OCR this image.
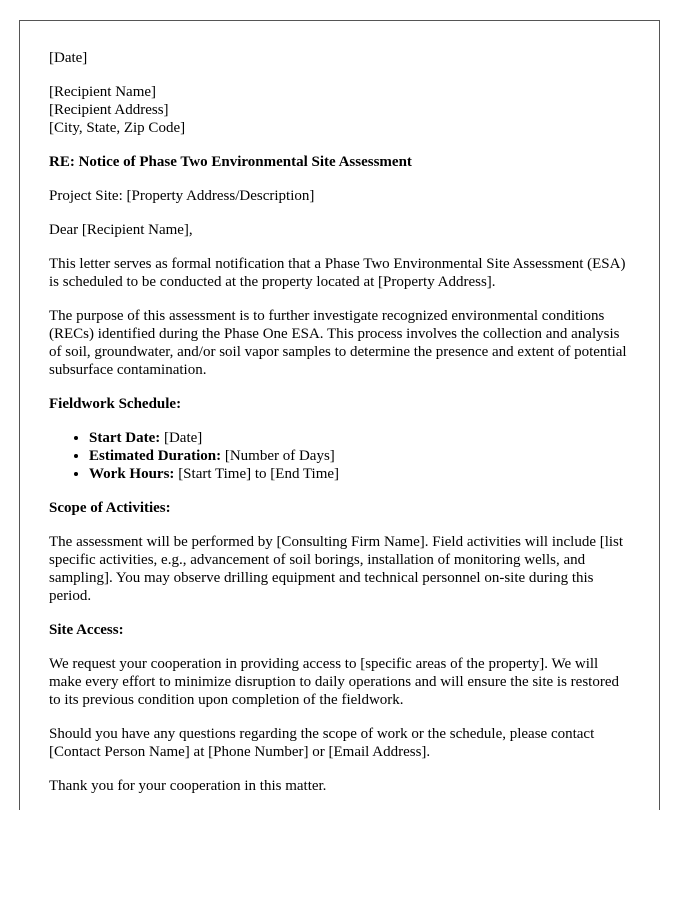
[Date]

[Recipient Name]
[Recipient Address]
[City, State, Zip Code]

RE: Notice of Phase Two Environmental Site Assessment

Project Site: [Property Address/Description]

Dear [Recipient Name],

This letter serves as formal notification that a Phase Two Environmental Site Assessment (ESA) is scheduled to be conducted at the property located at [Property Address].

The purpose of this assessment is to further investigate recognized environmental conditions (RECs) identified during the Phase One ESA. This process involves the collection and analysis of soil, groundwater, and/or soil vapor samples to determine the presence and extent of potential subsurface contamination.

Fieldwork Schedule:

• Start Date: [Date]
• Estimated Duration: [Number of Days]
• Work Hours: [Start Time] to [End Time]

Scope of Activities:

The assessment will be performed by [Consulting Firm Name]. Field activities will include [list specific activities, e.g., advancement of soil borings, installation of monitoring wells, and sampling]. You may observe drilling equipment and technical personnel on-site during this period.

Site Access:

We request your cooperation in providing access to [specific areas of the property]. We will make every effort to minimize disruption to daily operations and will ensure the site is restored to its previous condition upon completion of the fieldwork.

Should you have any questions regarding the scope of work or the schedule, please contact [Contact Person Name] at [Phone Number] or [Email Address].

Thank you for your cooperation in this matter.
